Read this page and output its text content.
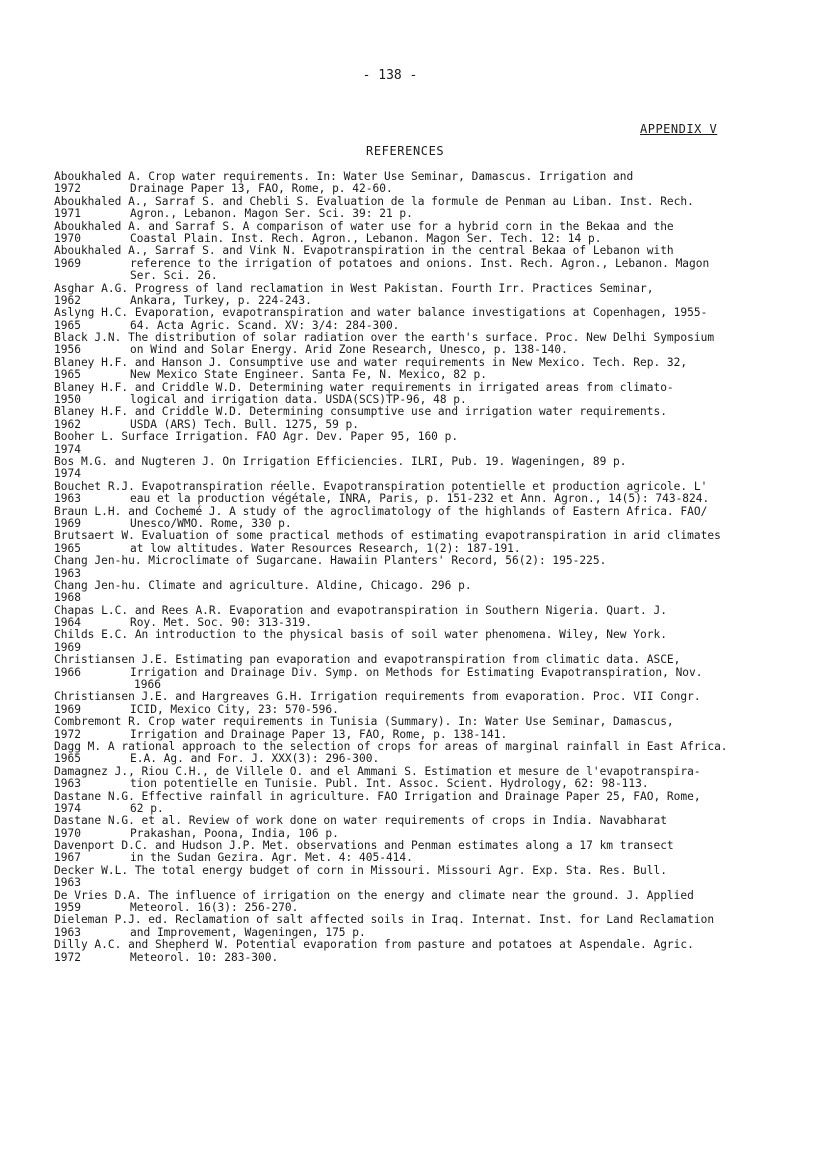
- 138 -
APPENDIX V
REFERENCES
Aboukhaled A. Crop water requirements. In: Water Use Seminar, Damascus. Irrigation and
1972	Drainage Paper 13, FAO, Rome, p. 42-60.
Aboukhaled A., Sarraf S. and Chebli S. Evaluation de la formule de Penman au Liban. Inst. Rech.
1971	Agron., Lebanon. Magon Ser. Sci. 39: 21 p.
Aboukhaled A. and Sarraf S. A comparison of water use for a hybrid corn in the Bekaa and the
1970	Coastal Plain. Inst. Rech. Agron., Lebanon. Magon Ser. Tech. 12: 14 p.
Aboukhaled A., Sarraf S. and Vink N. Evapotranspiration in the central Bekaa of Lebanon with
1969	reference to the irrigation of potatoes and onions. Inst. Rech. Agron., Lebanon. Magon
Ser. Sci. 26.
Asghar A.G. Progress of land reclamation in West Pakistan. Fourth Irr. Practices Seminar,
1962	Ankara, Turkey, p. 224-243.
Aslyng H.C. Evaporation, evapotranspiration and water balance investigations at Copenhagen, 1955-
1965	64. Acta Agric. Scand. XV: 3/4: 284-300.
Black J.N. The distribution of solar radiation over the earth's surface. Proc. New Delhi Symposium
1956	on Wind and Solar Energy. Arid Zone Research, Unesco, p. 138-140.
Blaney H.F. and Hanson J. Consumptive use and water requirements in New Mexico. Tech. Rep. 32,
1965	New Mexico State Engineer. Santa Fe, N. Mexico, 82 p.
Blaney H.F. and Criddle W.D. Determining water requirements in irrigated areas from climato-
1950	logical and irrigation data. USDA(SCS)TP-96, 48 p.
Blaney H.F. and Criddle W.D. Determining consumptive use and irrigation water requirements.
1962	USDA (ARS) Tech. Bull. 1275, 59 p.
Booher L. Surface Irrigation. FAO Agr. Dev. Paper 95, 160 p.
1974
Bos M.G. and Nugteren J. On Irrigation Efficiencies. ILRI, Pub. 19. Wageningen, 89 p.
1974
Bouchet R.J. Evapotranspiration réelle. Evapotranspiration potentielle et production agricole. L'
1963	eau et la production végétale, INRA, Paris, p. 151-232 et Ann. Agron., 14(5): 743-824.
Braun L.H. and Cochemé J. A study of the agroclimatology of the highlands of Eastern Africa. FAO/
1969	Unesco/WMO. Rome, 330 p.
Brutsaert W. Evaluation of some practical methods of estimating evapotranspiration in arid climates
1965	at low altitudes. Water Resources Research, 1(2): 187-191.
Chang Jen-hu. Microclimate of Sugarcane. Hawaiin Planters' Record, 56(2): 195-225.
1963
Chang Jen-hu. Climate and agriculture. Aldine, Chicago. 296 p.
1968
Chapas L.C. and Rees A.R. Evaporation and evapotranspiration in Southern Nigeria. Quart. J.
1964	Roy. Met. Soc. 90: 313-319.
Childs E.C. An introduction to the physical basis of soil water phenomena. Wiley, New York.
1969
Christiansen J.E. Estimating pan evaporation and evapotranspiration from climatic data. ASCE,
1966	Irrigation and Drainage Div. Symp. on Methods for Estimating Evapotranspiration, Nov.
1966
Christiansen J.E. and Hargreaves G.H. Irrigation requirements from evaporation. Proc. VII Congr.
1969	ICID, Mexico City, 23: 570-596.
Combremont R. Crop water requirements in Tunisia (Summary). In: Water Use Seminar, Damascus,
1972	Irrigation and Drainage Paper 13, FAO, Rome, p. 138-141.
Dagg M. A rational approach to the selection of crops for areas of marginal rainfall in East Africa.
1965	E.A. Ag. and For. J. XXX(3): 296-300.
Damagnez J., Riou C.H., de Villele O. and el Ammani S. Estimation et mesure de l'evapotranspira-
1963	tion potentielle en Tunisie. Publ. Int. Assoc. Scient. Hydrology, 62: 98-113.
Dastane N.G. Effective rainfall in agriculture. FAO Irrigation and Drainage Paper 25, FAO, Rome,
1974	62 p.
Dastane N.G. et al. Review of work done on water requirements of crops in India. Navabharat
1970	Prakashan, Poona, India, 106 p.
Davenport D.C. and Hudson J.P. Met. observations and Penman estimates along a 17 km transect
1967	in the Sudan Gezira. Agr. Met. 4: 405-414.
Decker W.L. The total energy budget of corn in Missouri. Missouri Agr. Exp. Sta. Res. Bull.
1963
De Vries D.A. The influence of irrigation on the energy and climate near the ground. J. Applied
1959	Meteorol. 16(3): 256-270.
Dieleman P.J. ed. Reclamation of salt affected soils in Iraq. Internat. Inst. for Land Reclamation
1963	and Improvement, Wageningen, 175 p.
Dilly A.C. and Shepherd W. Potential evaporation from pasture and potatoes at Aspendale. Agric.
1972	Meteorol. 10: 283-300.
